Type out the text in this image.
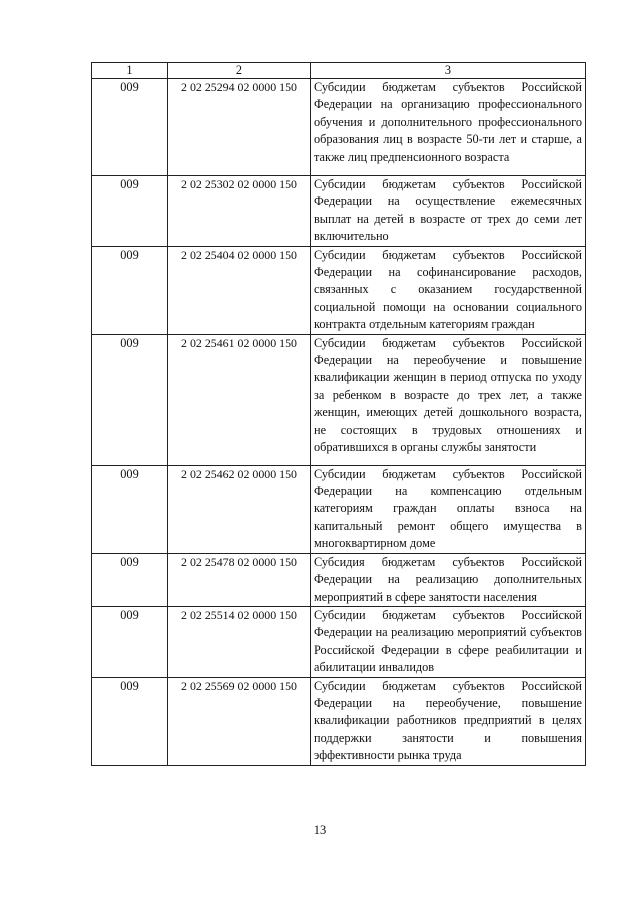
1	2	3
009	2 02 25294 02 0000 150	Субсидии бюджетам субъектов Российской Федерации на организацию профессионального обучения и дополнительного профессионального образования лиц в возрасте 50-ти лет и старше, а также лиц предпенсионного возраста
009	2 02 25302 02 0000 150	Субсидии бюджетам субъектов Российской Федерации на осуществление ежемесячных выплат на детей в возрасте от трех до семи лет включительно
009	2 02 25404 02 0000 150	Субсидии бюджетам субъектов Российской Федерации на софинансирование расходов, связанных с оказанием государственной социальной помощи на основании социального контракта отдельным категориям граждан
009	2 02 25461 02 0000 150	Субсидии бюджетам субъектов Российской Федерации на переобучение и повышение квалификации женщин в период отпуска по уходу за ребенком в возрасте до трех лет, а также женщин, имеющих детей дошкольного возраста, не состоящих в трудовых отношениях и обратившихся в органы службы занятости
009	2 02 25462 02 0000 150	Субсидии бюджетам субъектов Российской Федерации на компенсацию отдельным категориям граждан оплаты взноса на капитальный ремонт общего имущества в многоквартирном доме
009	2 02 25478 02 0000 150	Субсидия бюджетам субъектов Российской Федерации на реализацию дополнительных мероприятий в сфере занятости населения
009	2 02 25514 02 0000 150	Субсидии бюджетам субъектов Российской Федерации на реализацию мероприятий субъектов Российской Федерации в сфере реабилитации и абилитации инвалидов
009	2 02 25569 02 0000 150	Субсидии бюджетам субъектов Российской Федерации на переобучение, повышение квалификации работников предприятий в целях поддержки занятости и повышения эффективности рынка труда
13
